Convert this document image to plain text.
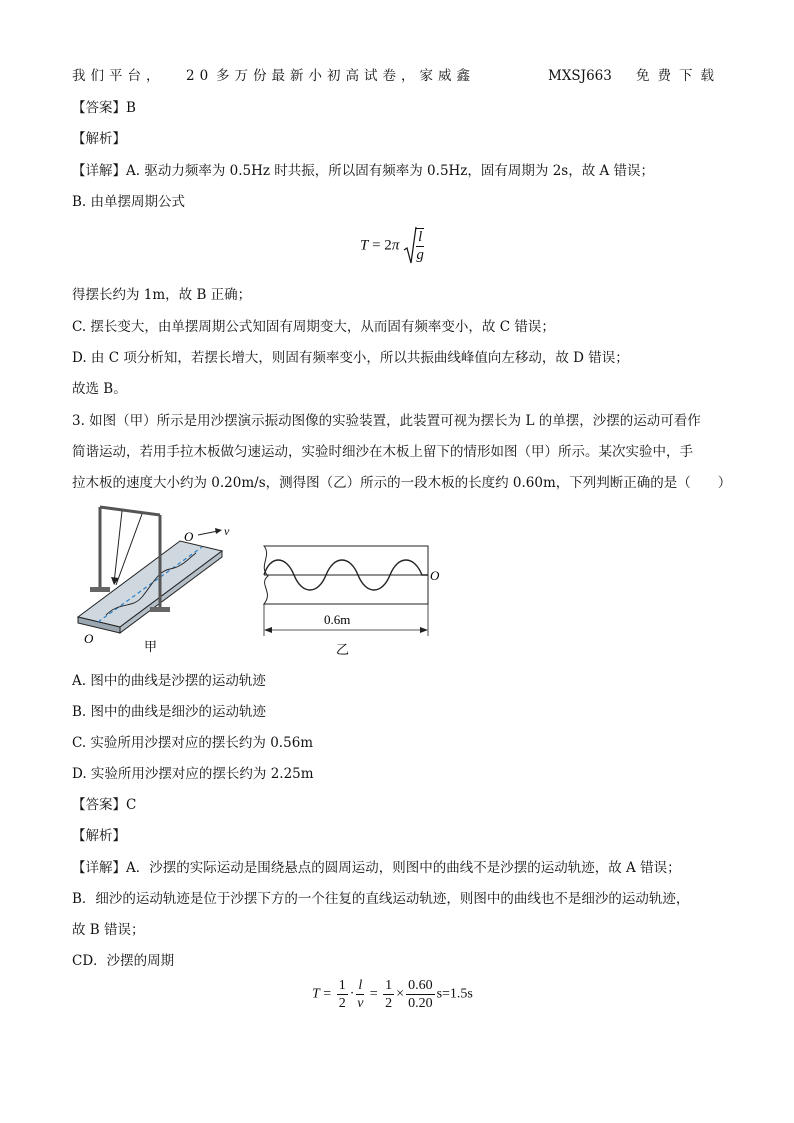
我们平台， 20 多万份最新小初高试卷，家威鑫	MXSJ663 免费下载
【答案】B
【解析】
【详解】A. 驱动力频率为 0.5Hz 时共振，所以固有频率为 0.5Hz，固有周期为 2s，故 A 错误；
B. 由单摆周期公式
$T = 2\pi \frac{l}{g}$
得摆长约为 1m，故 B 正确；
C. 摆长变大，由单摆周期公式知固有周期变大，从而固有频率变小，故 C 错误；
D. 由 C 项分析知，若摆长增大，则固有频率变小，所以共振曲线峰值向左移动，故 D 错误；
故选 B。
3. 如图（甲）所示是用沙摆演示振动图像的实验装置，此装置可视为摆长为 L 的单摆，沙摆的运动可看作
简谐运动，若用手拉木板做匀速运动，实验时细沙在木板上留下的情形如图（甲）所示。某次实验中，手
拉木板的速度大小约为 0.20m/s，测得图（乙）所示的一段木板的长度约 0.60m，下列判断正确的是（　　）
O	v
O
甲
O
0.6m
乙
A. 图中的曲线是沙摆的运动轨迹
B. 图中的曲线是细沙的运动轨迹
C. 实验所用沙摆对应的摆长约为 0.56m
D. 实验所用沙摆对应的摆长约为 2.25m
【答案】C
【解析】
【详解】A．沙摆的实际运动是围绕悬点的圆周运动，则图中的曲线不是沙摆的运动轨迹，故 A 错误；
B．细沙的运动轨迹是位于沙摆下方的一个往复的直线运动轨迹，则图中的曲线也不是细沙的运动轨迹，
故 B 错误；
CD．沙摆的周期
$T = \frac{1}{2} \cdot \frac{l}{v} = \frac{1}{2} \times \frac{0.60}{0.20} s=1.5s$
